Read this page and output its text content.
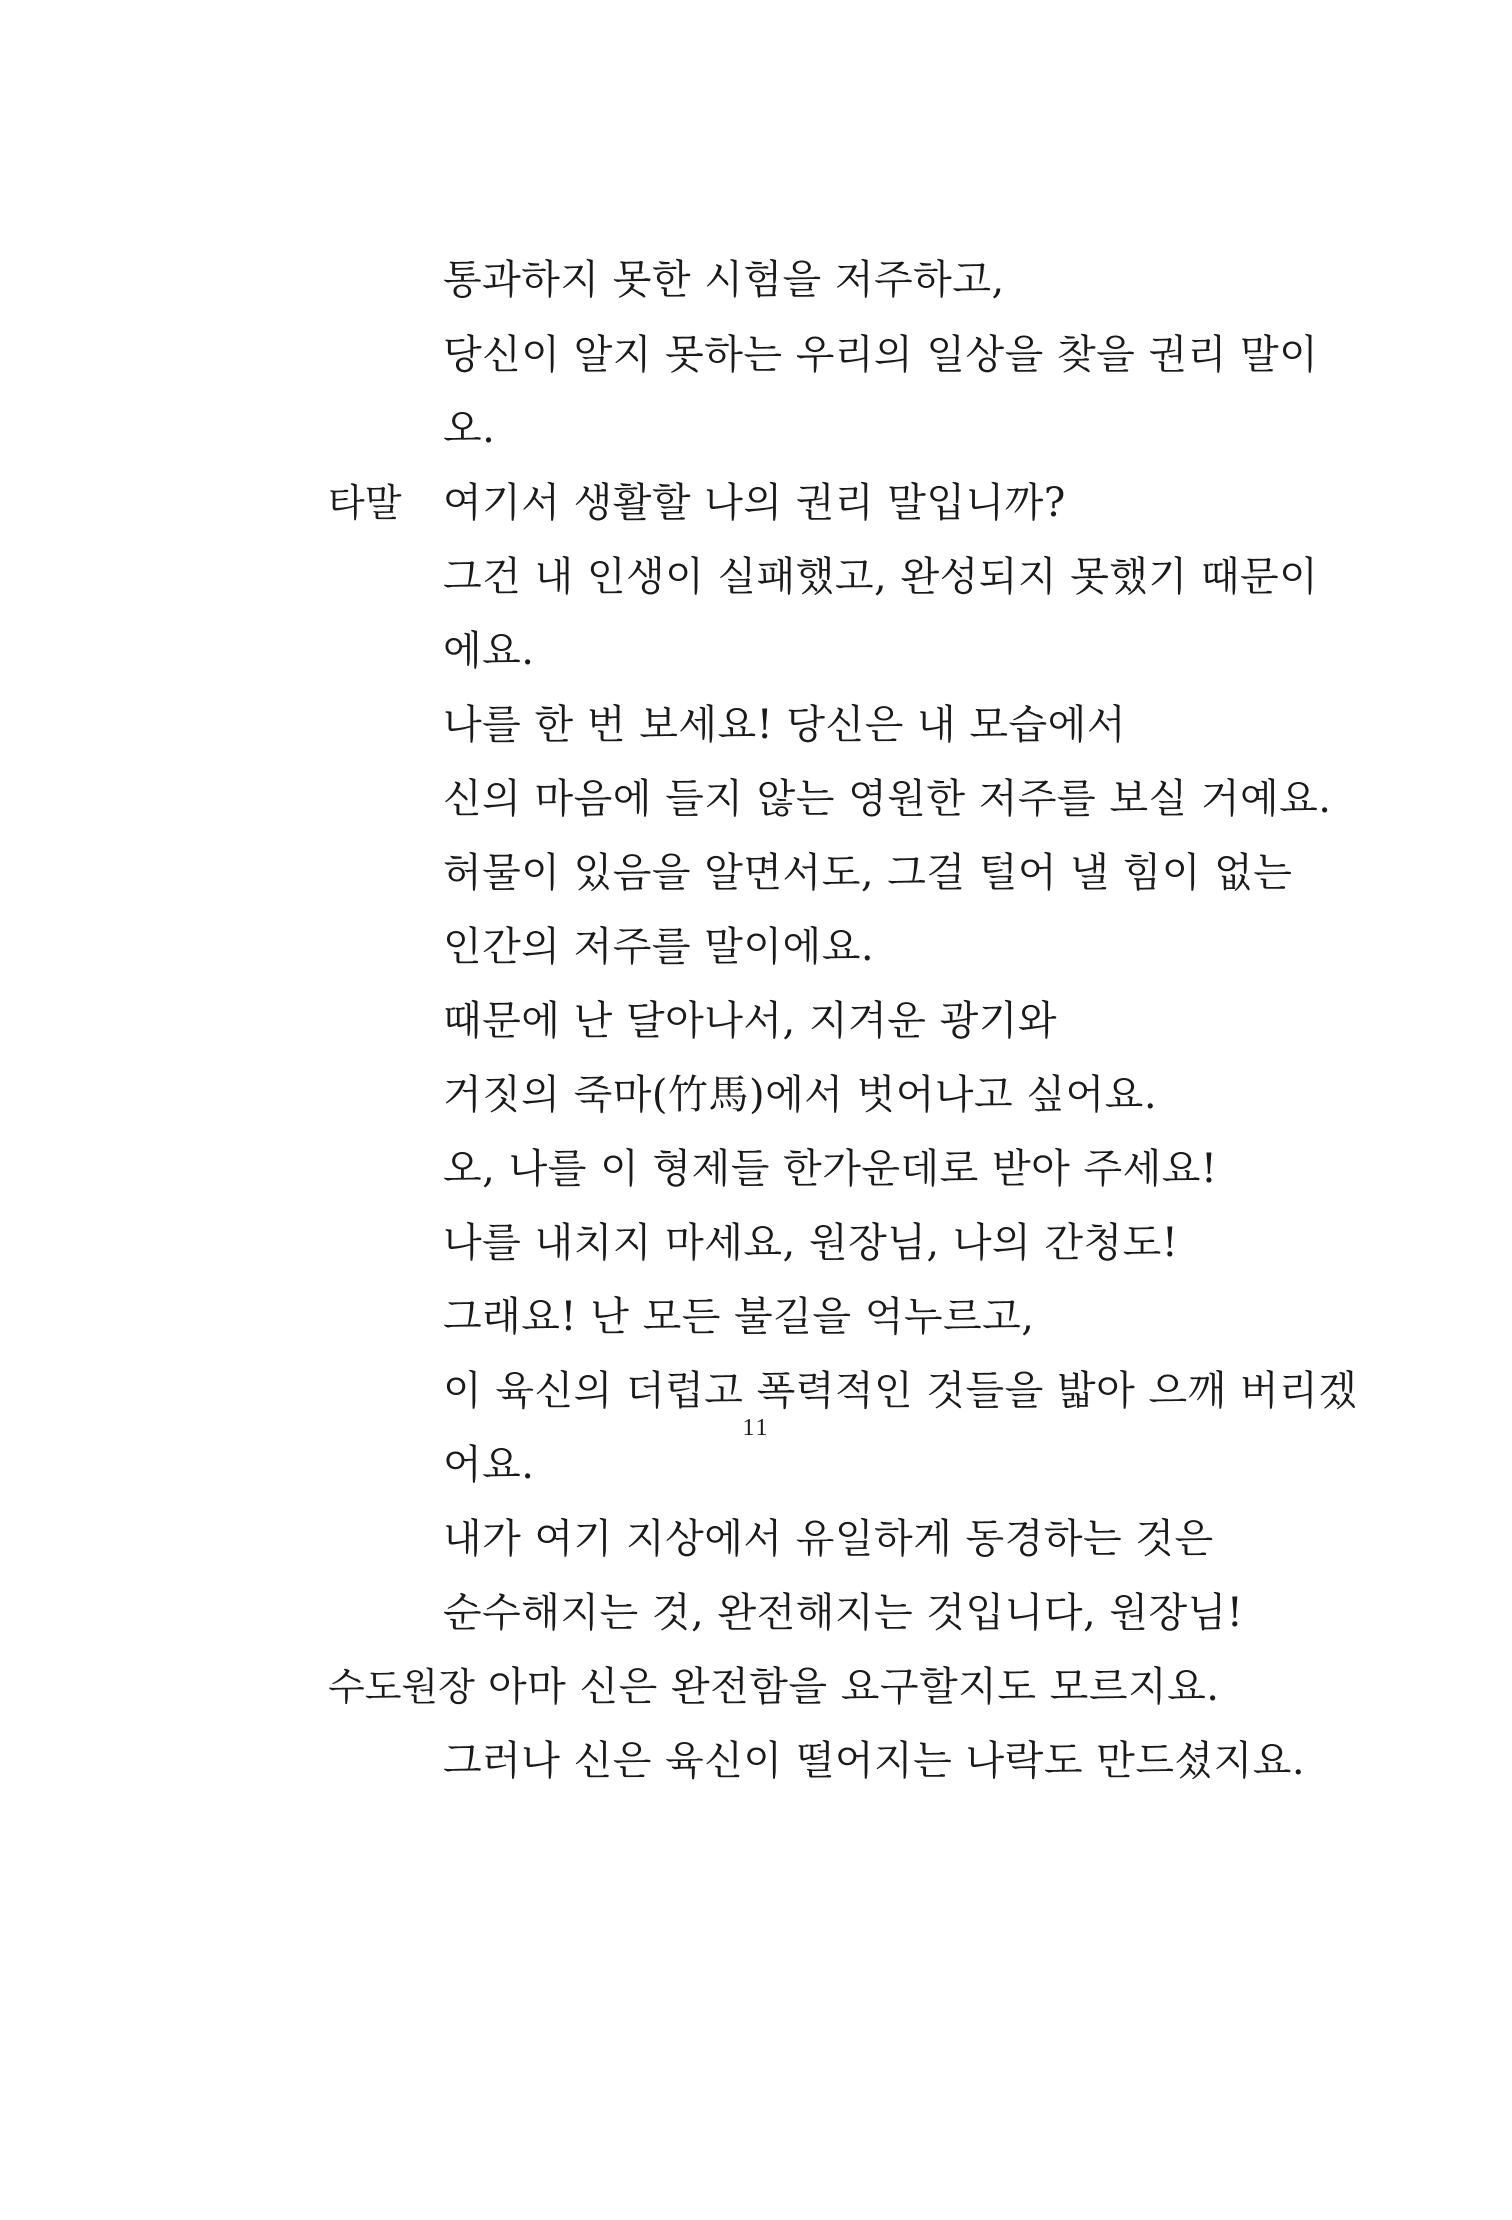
통과하지 못한 시험을 저주하고,
당신이 알지 못하는 우리의 일상을 찾을 권리 말이
오.
타말 여기서 생활할 나의 권리 말입니까?
그건 내 인생이 실패했고, 완성되지 못했기 때문이
에요.
나를 한 번 보세요! 당신은 내 모습에서
신의 마음에 들지 않는 영원한 저주를 보실 거예요.
허물이 있음을 알면서도, 그걸 털어 낼 힘이 없는
인간의 저주를 말이에요.
때문에 난 달아나서, 지겨운 광기와
거짓의 죽마(竹馬)에서 벗어나고 싶어요.
오, 나를 이 형제들 한가운데로 받아 주세요!
나를 내치지 마세요, 원장님, 나의 간청도!
그래요! 난 모든 불길을 억누르고,
이 육신의 더럽고 폭력적인 것들을 밟아 으깨 버리겠
어요.
내가 여기 지상에서 유일하게 동경하는 것은
순수해지는 것, 완전해지는 것입니다, 원장님!
수도원장 아마 신은 완전함을 요구할지도 모르지요.
그러나 신은 육신이 떨어지는 나락도 만드셨지요.
11
